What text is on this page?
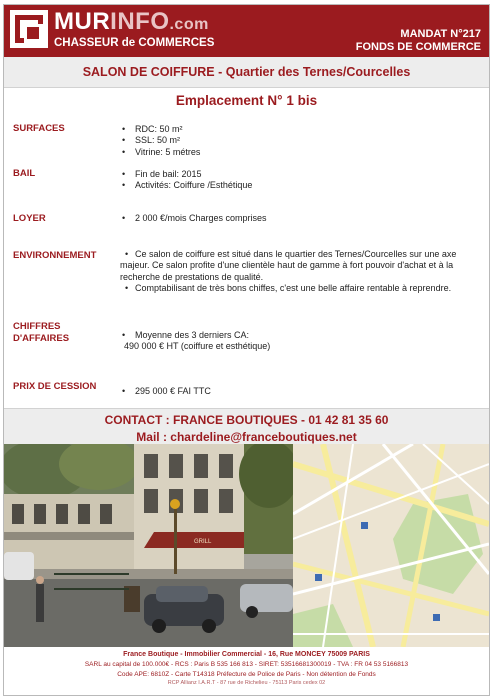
MURINFO.com
CHASSEUR de COMMERCES
MANDAT N°217
FONDS DE COMMERCE
SALON DE COIFFURE - Quartier des Ternes/Courcelles
Emplacement N° 1 bis
SURFACES	• RDC: 50 m²
• SSL: 50 m²
• Vitrine: 5 métres
BAIL	• Fin de bail: 2015
• Activités: Coiffure /Esthétique
LOYER	• 2 000 €/mois Charges comprises
ENVIRONNEMENT	• Ce salon de coiffure est situé dans le quartier des Ternes/Courcelles sur une axe majeur. Ce salon profite d'une clientèle haut de gamme à fort pouvoir d'achat et à la recherche de prestations de qualité.
• Comptabilisant de très bons chiffes, c'est une belle affaire rentable à reprendre.
CHIFFRES
D'AFFAIRES	• Moyenne des 3 derniers CA:
490 000 € HT (coiffure et esthétique)
PRIX DE CESSION	• 295 000 € FAI TTC
CONTACT : FRANCE BOUTIQUES - 01 42 81 35 60
Mail : chardeline@franceboutiques.net
GRILL
France Boutique - Immobilier Commercial - 16, Rue MONCEY 75009 PARIS
SARL au capital de 100.000€ - RCS : Paris B 535 166 813 - SIRET: 53516681300019 - TVA : FR 04 53 5166813
Code APE: 6810Z - Carte T14318 Préfecture de Police de Paris - Non détention de Fonds
RCP Allianz I.A.R.T - 87 rue de Richelieu - 75113 Paris cedex 02
